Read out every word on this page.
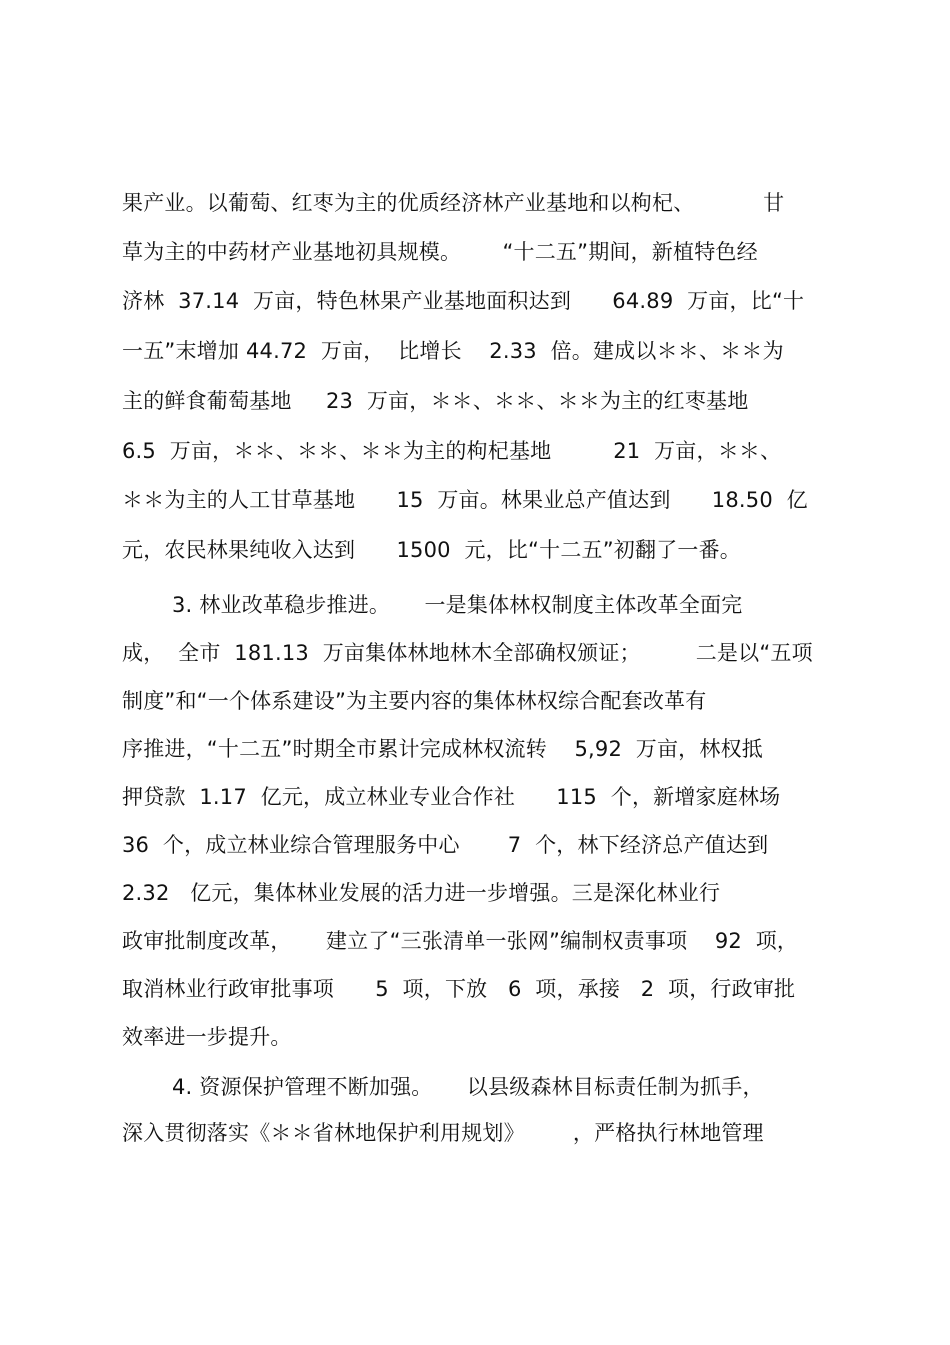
果产业。以葡萄、红枣为主的优质经济林产业基地和以枸杞、          甘
草为主的中药材产业基地初具规模。      “十二五”期间，新植特色经
济林  37.14  万亩，特色林果产业基地面积达到      64.89  万亩，比“十
一五”末增加 44.72  万亩，  比增长    2.33  倍。建成以＊＊、＊＊为
主的鲜食葡萄基地     23  万亩，＊＊、＊＊、＊＊为主的红枣基地
6.5  万亩，＊＊、＊＊、＊＊为主的枸杞基地         21  万亩，＊＊、
＊＊为主的人工甘草基地      15  万亩。林果业总产值达到      18.50  亿
元，农民林果纯收入达到      1500  元，比“十二五”初翻了一番。
3. 林业改革稳步推进。     一是集体林权制度主体改革全面完
成，  全市  181.13  万亩集体林地林木全部确权颁证；        二是以“五项
制度”和“一个体系建设”为主要内容的集体林权综合配套改革有
序推进，“十二五”时期全市累计完成林权流转    5,92  万亩，林权抵
押贷款  1.17  亿元，成立林业专业合作社      115  个，新增家庭林场
36  个，成立林业综合管理服务中心       7  个，林下经济总产值达到
2.32   亿元，集体林业发展的活力进一步增强。三是深化林业行
政审批制度改革，     建立了“三张清单一张网”编制权责事项    92  项，
取消林业行政审批事项      5  项，下放   6  项，承接   2  项，行政审批
效率进一步提升。
4. 资源保护管理不断加强。     以县级森林目标责任制为抓手，
深入贯彻落实《＊＊省林地保护利用规划》       ，严格执行林地管理
